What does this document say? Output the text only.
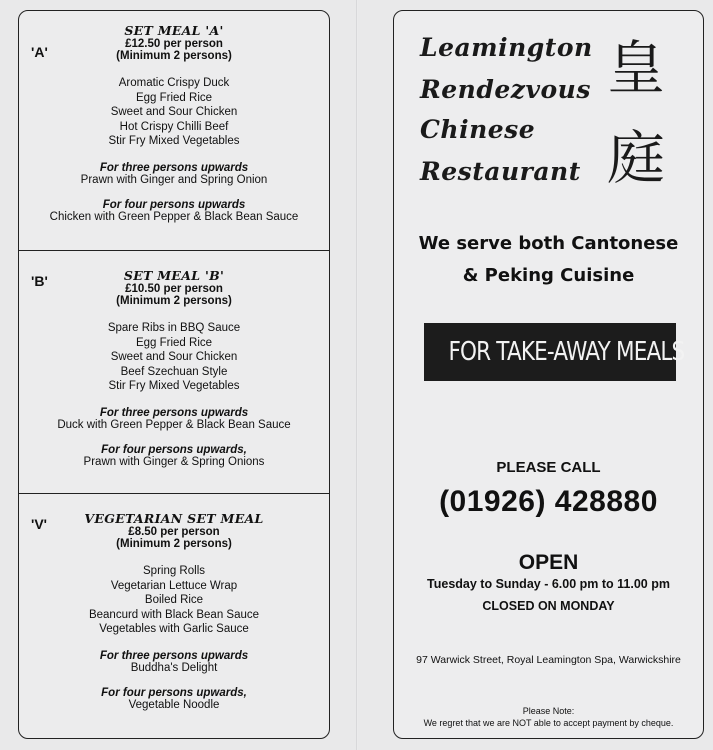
'A'
SET MEAL 'A'
£12.50 per person
(Minimum 2 persons)
Aromatic Crispy Duck
Egg Fried Rice
Sweet and Sour Chicken
Hot Crispy Chilli Beef
Stir Fry Mixed Vegetables
For three persons upwards
Prawn with Ginger and Spring Onion
For four persons upwards
Chicken with Green Pepper & Black Bean Sauce
'B'	SET MEAL 'B'
£10.50 per person
(Minimum 2 persons)
Spare Ribs in BBQ Sauce
Egg Fried Rice
Sweet and Sour Chicken
Beef Szechuan Style
Stir Fry Mixed Vegetables
For three persons upwards
Duck with Green Pepper & Black Bean Sauce
For four persons upwards,
Prawn with Ginger & Spring Onions
'V'	VEGETARIAN SET MEAL
£8.50 per person
(Minimum 2 persons)
Spring Rolls
Vegetarian Lettuce Wrap
Boiled Rice
Beancurd with Black Bean Sauce
Vegetables with Garlic Sauce
For three persons upwards
Buddha's Delight
For four persons upwards,
Vegetable Noodle
Leamington
Rendezvous
Chinese
Restaurant
皇
庭
We serve both Cantonese
& Peking Cuisine
FOR TAKE-AWAY MEALS
PLEASE CALL
(01926) 428880
OPEN
Tuesday to Sunday - 6.00 pm to 11.00 pm
CLOSED ON MONDAY
97 Warwick Street, Royal Leamington Spa, Warwickshire
Please Note:
We regret that we are NOT able to accept payment by cheque.
